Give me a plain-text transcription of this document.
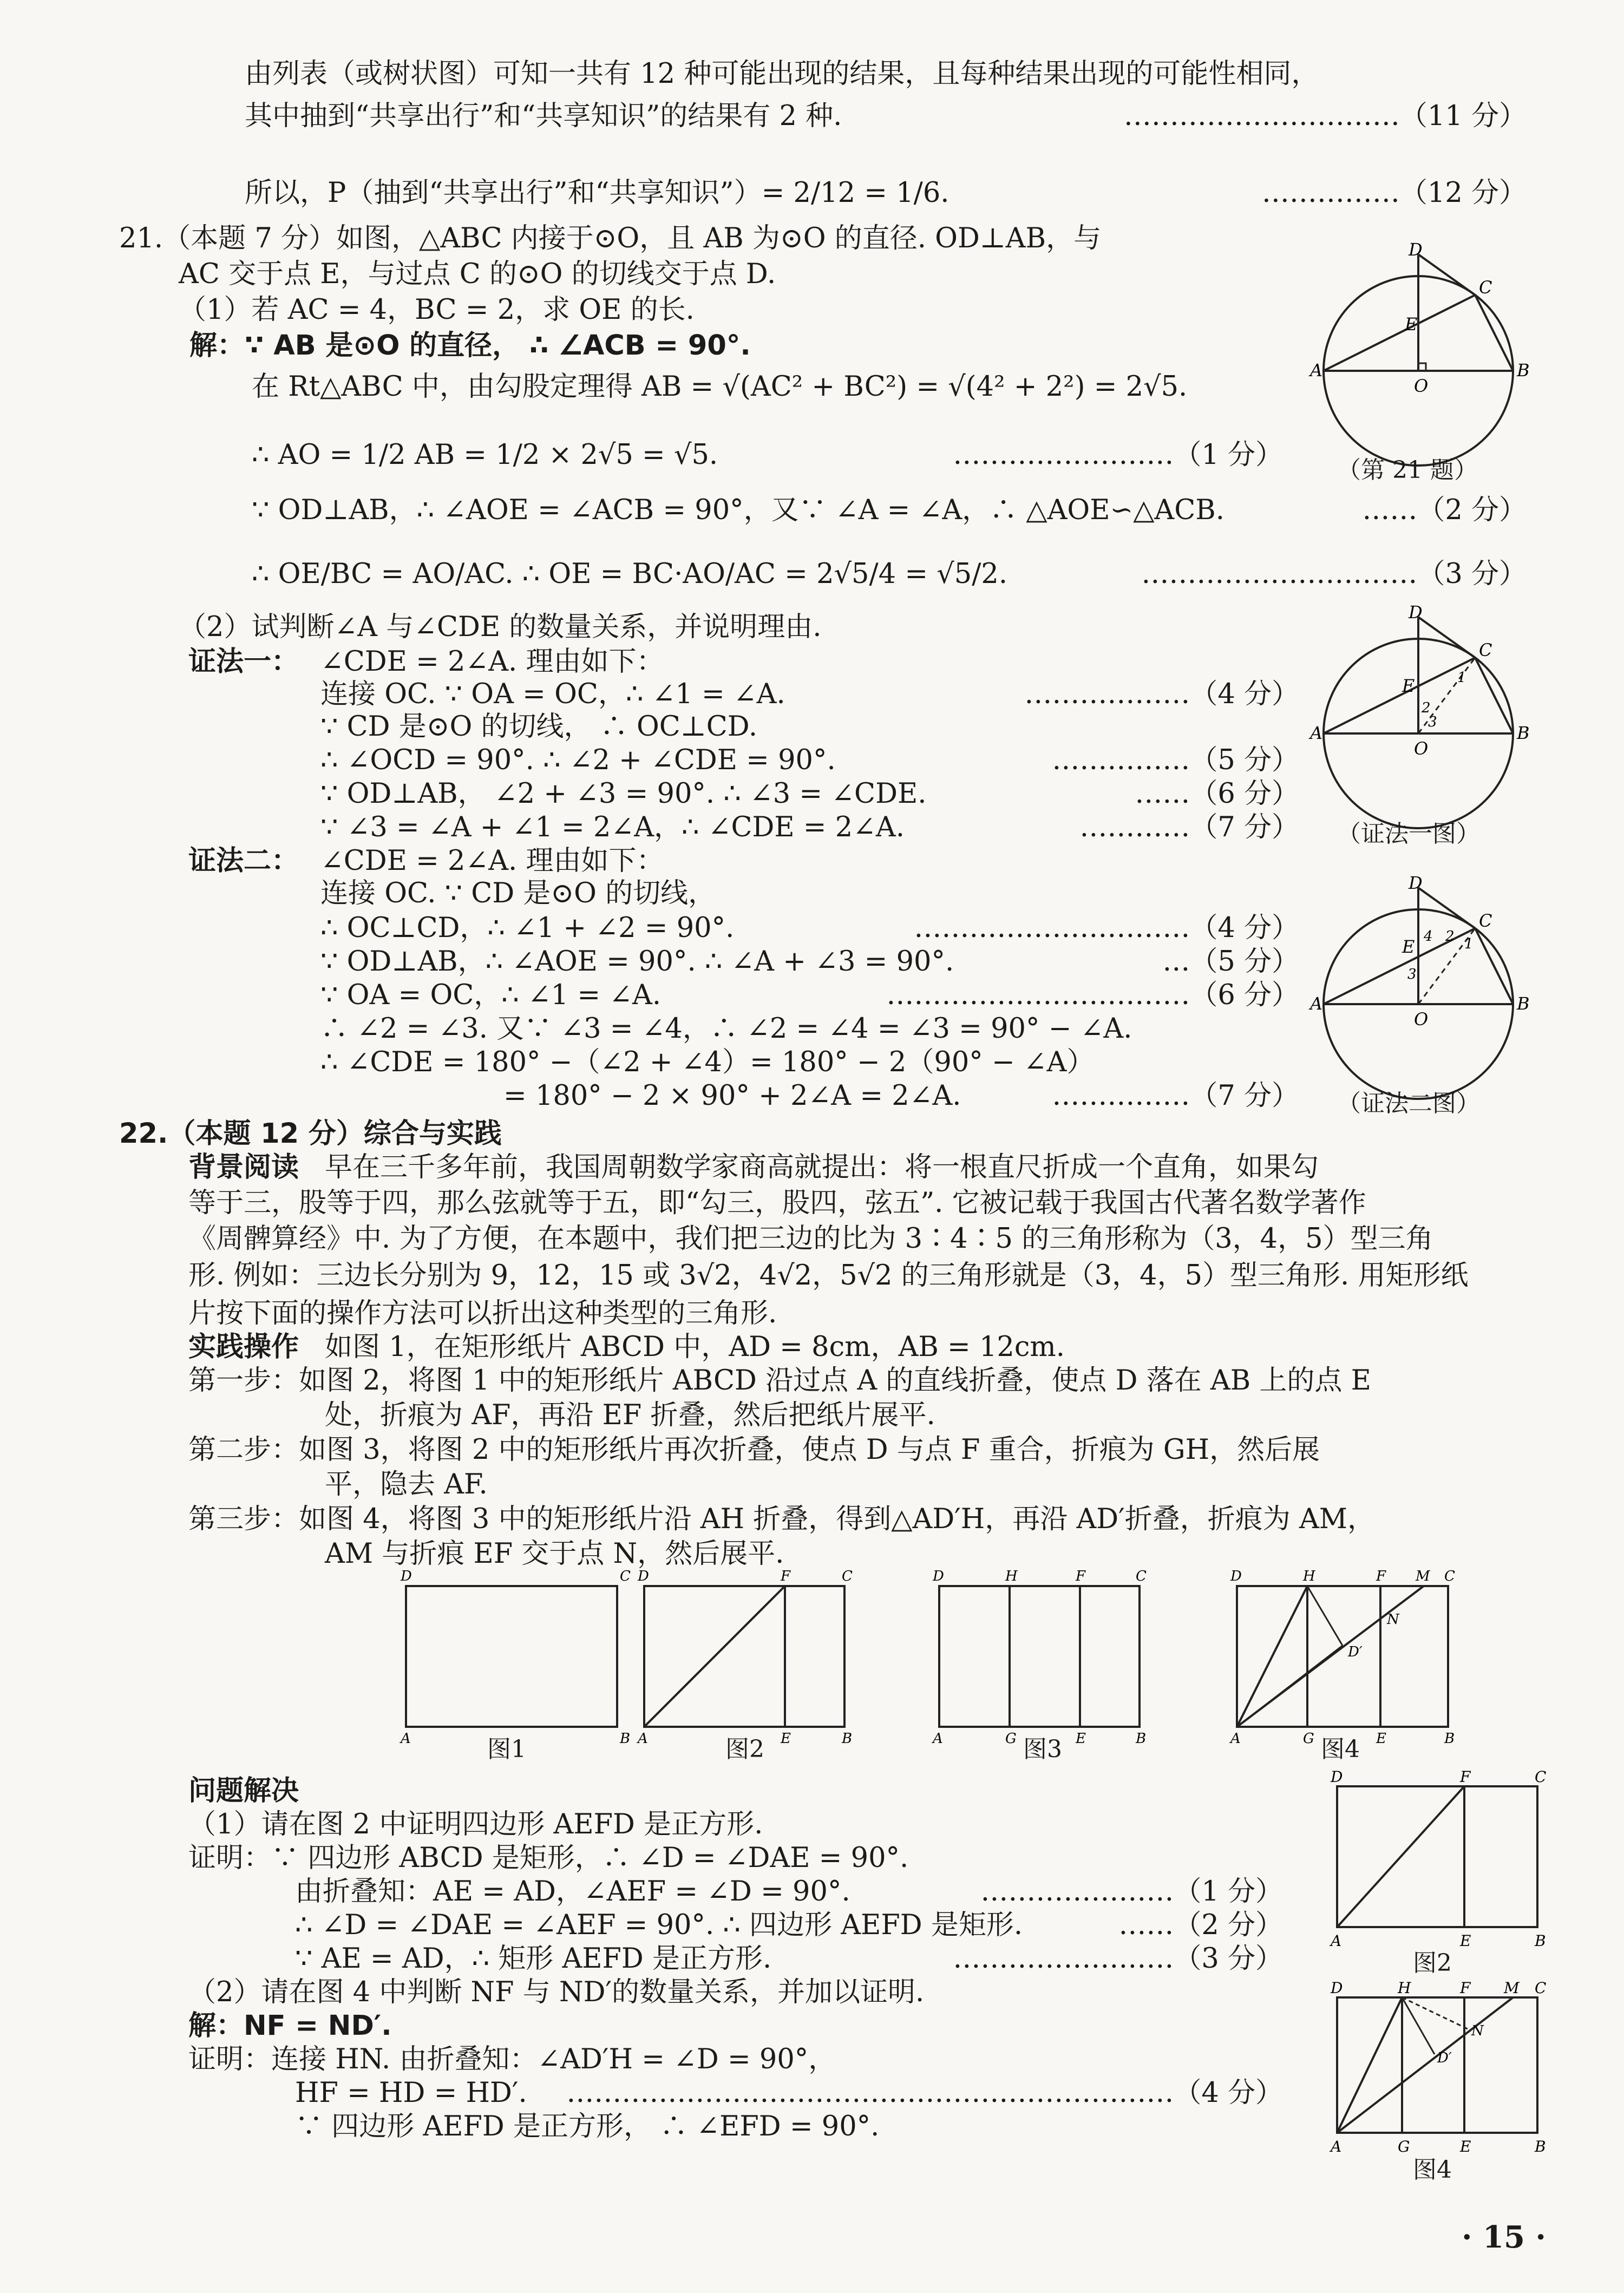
由列表（或树状图）可知一共有 12 种可能出现的结果，且每种结果出现的可能性相同，
其中抽到“共享出行”和“共享知识”的结果有 2 种.	…………………………（11 分）
所以，P（抽到“共享出行”和“共享知识”）= 2/12 = 1/6.	……………（12 分）
21.（本题 7 分）如图，△ABC 内接于⊙O，且 AB 为⊙O 的直径. OD⊥AB，与
AC 交于点 E，与过点 C 的⊙O 的切线交于点 D.
（1）若 AC = 4，BC = 2，求 OE 的长.
解：∵ AB 是⊙O 的直径， ∴ ∠ACB = 90°.
在 Rt△ABC 中，由勾股定理得 AB = √(AC² + BC²) = √(4² + 2²) = 2√5.
∴ AO = 1/2 AB = 1/2 × 2√5 = √5.	……………………（1 分）
∵ OD⊥AB，∴ ∠AOE = ∠ACB = 90°，又∵ ∠A = ∠A，∴ △AOE∽△ACB.	……（2 分）
∴ OE/BC = AO/AC. ∴ OE = BC·AO/AC = 2√5/4 = √5/2.	…………………………（3 分）
（2）试判断∠A 与∠CDE 的数量关系，并说明理由.
证法一： ∠CDE = 2∠A. 理由如下：
连接 OC. ∵ OA = OC，∴ ∠1 = ∠A.	………………（4 分）
∵ CD 是⊙O 的切线， ∴ OC⊥CD.
∴ ∠OCD = 90°. ∴ ∠2 + ∠CDE = 90°.	……………（5 分）
∵ OD⊥AB， ∠2 + ∠3 = 90°. ∴ ∠3 = ∠CDE.	……（6 分）
∵ ∠3 = ∠A + ∠1 = 2∠A，∴ ∠CDE = 2∠A.	…………（7 分）
证法二： ∠CDE = 2∠A. 理由如下：
连接 OC. ∵ CD 是⊙O 的切线，
∴ OC⊥CD，∴ ∠1 + ∠2 = 90°.	…………………………（4 分）
∵ OD⊥AB，∴ ∠AOE = 90°. ∴ ∠A + ∠3 = 90°.	…（5 分）
∵ OA = OC，∴ ∠1 = ∠A.	……………………………（6 分）
∴ ∠2 = ∠3. 又∵ ∠3 = ∠4，∴ ∠2 = ∠4 = ∠3 = 90° − ∠A.
∴ ∠CDE = 180° −（∠2 + ∠4）= 180° − 2（90° − ∠A）
= 180° − 2 × 90° + 2∠A = 2∠A.	……………（7 分）
D
C
E
A	B
O
（第 21 题）
D
C
E
A	B
O
1
2
3
（证法一图）
D
C
E
A	B
O
4 2 1
3
（证法二图）
22.（本题 12 分）综合与实践
背景阅读 早在三千多年前，我国周朝数学家商高就提出：将一根直尺折成一个直角，如果勾
等于三，股等于四，那么弦就等于五，即“勾三，股四，弦五”. 它被记载于我国古代著名数学著作
《周髀算经》中. 为了方便，在本题中，我们把三边的比为 3∶4∶5 的三角形称为（3，4，5）型三角
形. 例如：三边长分别为 9，12，15 或 3√2，4√2，5√2 的三角形就是（3，4，5）型三角形. 用矩形纸
片按下面的操作方法可以折出这种类型的三角形.
实践操作 如图 1，在矩形纸片 ABCD 中，AD = 8cm，AB = 12cm.
第一步：如图 2，将图 1 中的矩形纸片 ABCD 沿过点 A 的直线折叠，使点 D 落在 AB 上的点 E
处，折痕为 AF，再沿 EF 折叠，然后把纸片展平.
第二步：如图 3，将图 2 中的矩形纸片再次折叠，使点 D 与点 F 重合，折痕为 GH，然后展
平，隐去 AF.
第三步：如图 4，将图 3 中的矩形纸片沿 AH 折叠，得到△AD′H，再沿 AD′折叠，折痕为 AM，
AM 与折痕 EF 交于点 N，然后展平.
D	C
A	B
D	F	C
A	E	B
D	H	F	C
A	G	E	B
D	H	F M C
D′
N
A	G	E	B
图1	图2	图3	图4
问题解决
（1）请在图 2 中证明四边形 AEFD 是正方形.
证明：∵ 四边形 ABCD 是矩形，∴ ∠D = ∠DAE = 90°.
由折叠知：AE = AD，∠AEF = ∠D = 90°.	…………………（1 分）
∴ ∠D = ∠DAE = ∠AEF = 90°. ∴ 四边形 AEFD 是矩形.	……（2 分）
∵ AE = AD，∴ 矩形 AEFD 是正方形.	……………………（3 分）
（2）请在图 4 中判断 NF 与 ND′的数量关系，并加以证明.
解：NF = ND′.
证明：连接 HN. 由折叠知：∠AD′H = ∠D = 90°，
HF = HD = HD′. …………………………………………………………（4 分）
∵ 四边形 AEFD 是正方形， ∴ ∠EFD = 90°.
D	F	C
A	E	B
图2
D	H	F M C
D′
N
A	G	E	B
图4
· 15 ·
